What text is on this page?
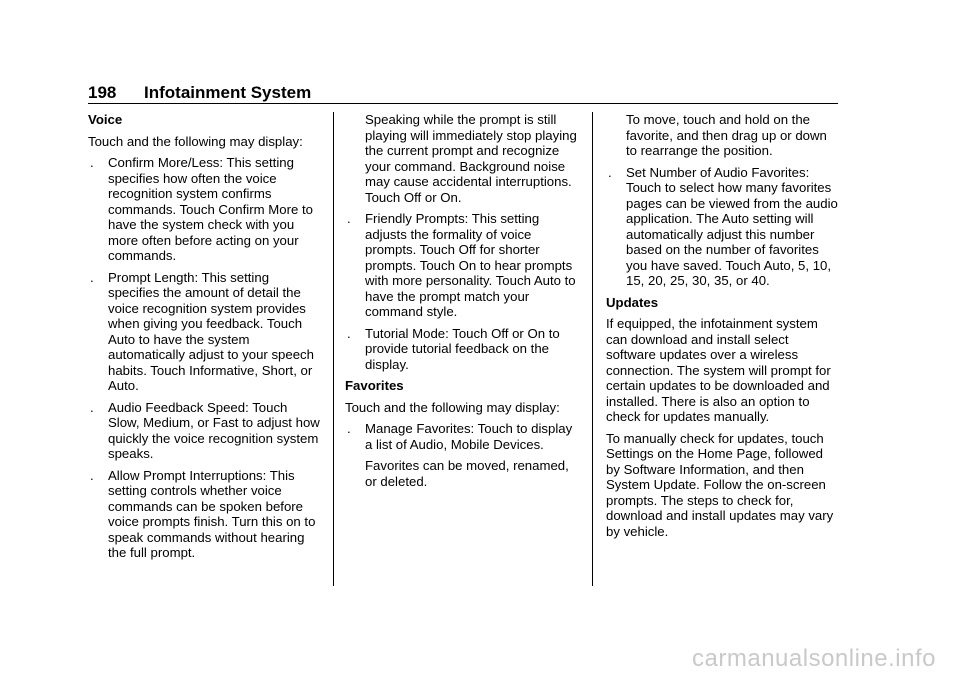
198 Infotainment System

Voice

Touch and the following may display:

. Confirm More/Less: This setting specifies how often the voice recognition system confirms commands. Touch Confirm More to have the system check with you more often before acting on your commands.
. Prompt Length: This setting specifies the amount of detail the voice recognition system provides when giving you feedback. Touch Auto to have the system automatically adjust to your speech habits. Touch Informative, Short, or Auto.
. Audio Feedback Speed: Touch Slow, Medium, or Fast to adjust how quickly the voice recognition system speaks.
. Allow Prompt Interruptions: This setting controls whether voice commands can be spoken before voice prompts finish. Turn this on to speak commands without hearing the full prompt.

Speaking while the prompt is still playing will immediately stop playing the current prompt and recognize your command. Background noise may cause accidental interruptions. Touch Off or On.

. Friendly Prompts: This setting adjusts the formality of voice prompts. Touch Off for shorter prompts. Touch On to hear prompts with more personality. Touch Auto to have the prompt match your command style.
. Tutorial Mode: Touch Off or On to provide tutorial feedback on the display.

Favorites

Touch and the following may display:

. Manage Favorites: Touch to display a list of Audio, Mobile Devices.

Favorites can be moved, renamed, or deleted.

To move, touch and hold on the favorite, and then drag up or down to rearrange the position.

. Set Number of Audio Favorites: Touch to select how many favorites pages can be viewed from the audio application. The Auto setting will automatically adjust this number based on the number of favorites you have saved. Touch Auto, 5, 10, 15, 20, 25, 30, 35, or 40.

Updates

If equipped, the infotainment system can download and install select software updates over a wireless connection. The system will prompt for certain updates to be downloaded and installed. There is also an option to check for updates manually.

To manually check for updates, touch Settings on the Home Page, followed by Software Information, and then System Update. Follow the on-screen prompts. The steps to check for, download and install updates may vary by vehicle.

carmanualsonline.info
